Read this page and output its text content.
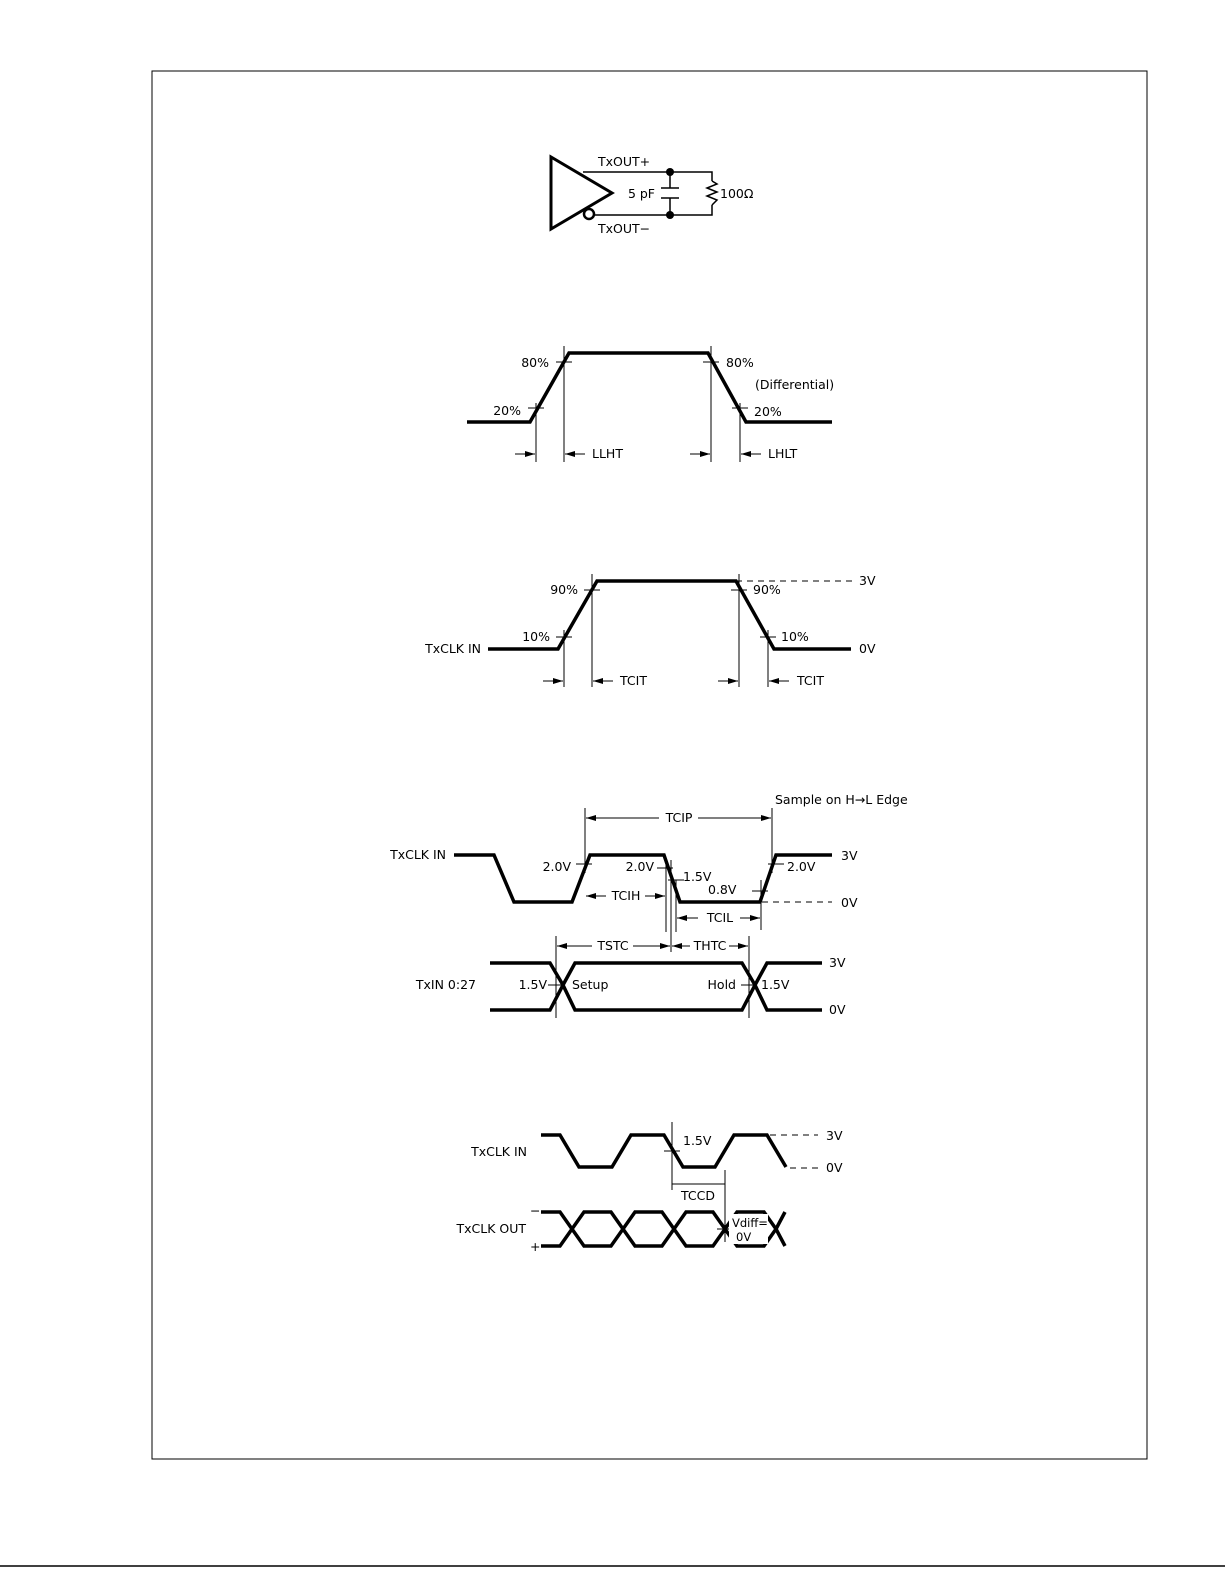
TxOUT+
TxOUT−
5 pF	100Ω
80%
20%
80%
20%
(Differential)
LLHT	LHLT
TxCLK IN
90%
10%
90%
10%
3V
0V
TCIT	TCIT
TxCLK IN
TxIN 0:27
Sample on H→L Edge
TCIP
TCIH
TCIL
TSTC	THTC
2.0V	2.0V	2.0V
1.5V
0.8V
3V
0V
3V
0V
1.5V	1.5V
Setup	Hold
TxCLK IN
TxCLK OUT
1.5V	3V
0V
TCCD
Vdiff=
0V
−
+
